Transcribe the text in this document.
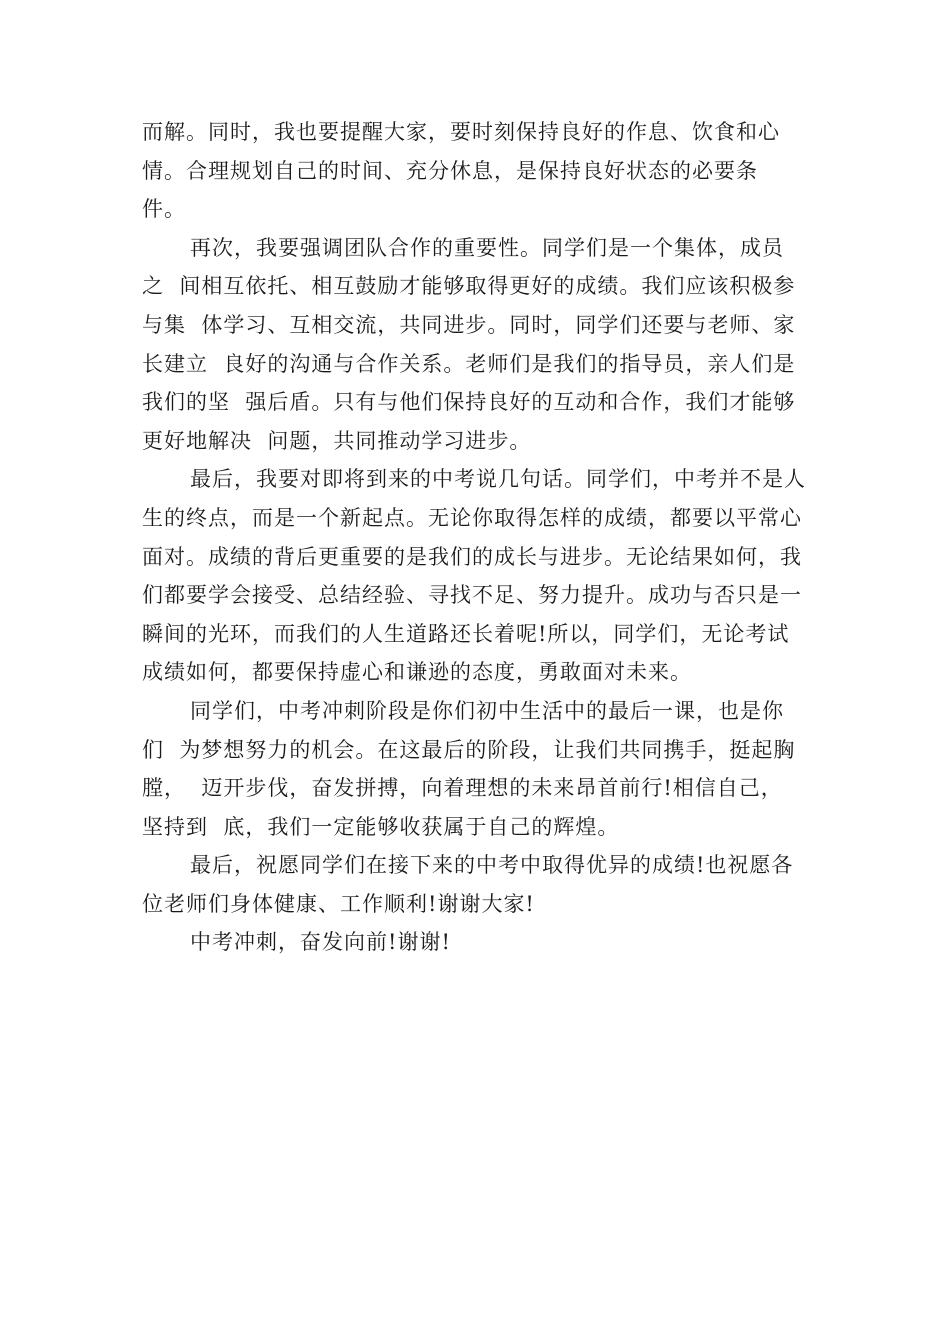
而解。同时，我也要提醒大家，要时刻保持良好的作息、饮食和心
情。合理规划自己的时间、充分休息，是保持良好状态的必要条
件。
再次，我要强调团队合作的重要性。同学们是一个集体，成员
之  间相互依托、相互鼓励才能够取得更好的成绩。我们应该积极参
与集  体学习、互相交流，共同进步。同时，同学们还要与老师、家
长建立  良好的沟通与合作关系。老师们是我们的指导员，亲人们是
我们的坚  强后盾。只有与他们保持良好的互动和合作，我们才能够
更好地解决  问题，共同推动学习进步。
最后，我要对即将到来的中考说几句话。同学们，中考并不是人
生的终点，而是一个新起点。无论你取得怎样的成绩，都要以平常心
面对。成绩的背后更重要的是我们的成长与进步。无论结果如何，我
们都要学会接受、总结经验、寻找不足、努力提升。成功与否只是一
瞬间的光环，而我们的人生道路还长着呢!所以，同学们，无论考试
成绩如何，都要保持虚心和谦逊的态度，勇敢面对未来。
同学们，中考冲刺阶段是你们初中生活中的最后一课，也是你
们  为梦想努力的机会。在这最后的阶段，让我们共同携手，挺起胸
膛，  迈开步伐，奋发拼搏，向着理想的未来昂首前行!相信自己，
坚持到  底，我们一定能够收获属于自己的辉煌。
最后，祝愿同学们在接下来的中考中取得优异的成绩!也祝愿各
位老师们身体健康、工作顺利!谢谢大家!
中考冲刺，奋发向前!谢谢!
